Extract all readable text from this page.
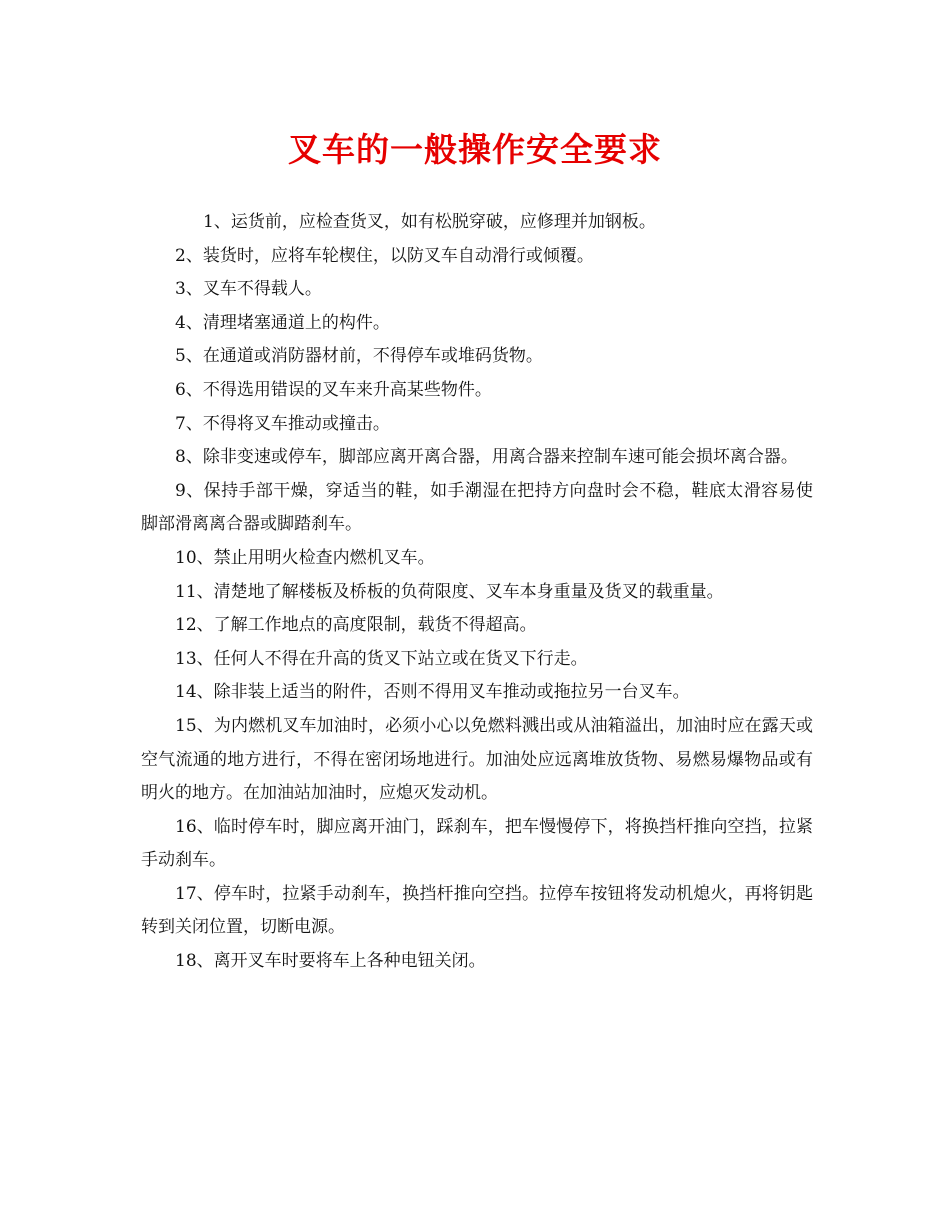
叉车的一般操作安全要求

1、运货前，应检查货叉，如有松脱穿破，应修理并加钢板。

2、装货时，应将车轮楔住，以防叉车自动滑行或倾覆。

3、叉车不得载人。

4、清理堵塞通道上的构件。

5、在通道或消防器材前，不得停车或堆码货物。

6、不得选用错误的叉车来升高某些物件。

7、不得将叉车推动或撞击。

8、除非变速或停车，脚部应离开离合器，用离合器来控制车速可能会损坏离合器。

9、保持手部干燥，穿适当的鞋，如手潮湿在把持方向盘时会不稳，鞋底太滑容易使脚部滑离离合器或脚踏刹车。

10、禁止用明火检查内燃机叉车。

11、清楚地了解楼板及桥板的负荷限度、叉车本身重量及货叉的载重量。

12、了解工作地点的高度限制，载货不得超高。

13、任何人不得在升高的货叉下站立或在货叉下行走。

14、除非装上适当的附件，否则不得用叉车推动或拖拉另一台叉车。

15、为内燃机叉车加油时，必须小心以免燃料溅出或从油箱溢出，加油时应在露天或空气流通的地方进行，不得在密闭场地进行。加油处应远离堆放货物、易燃易爆物品或有明火的地方。在加油站加油时，应熄灭发动机。

16、临时停车时，脚应离开油门，踩刹车，把车慢慢停下，将换挡杆推向空挡，拉紧手动刹车。

17、停车时，拉紧手动刹车，换挡杆推向空挡。拉停车按钮将发动机熄火，再将钥匙转到关闭位置，切断电源。

18、离开叉车时要将车上各种电钮关闭。
